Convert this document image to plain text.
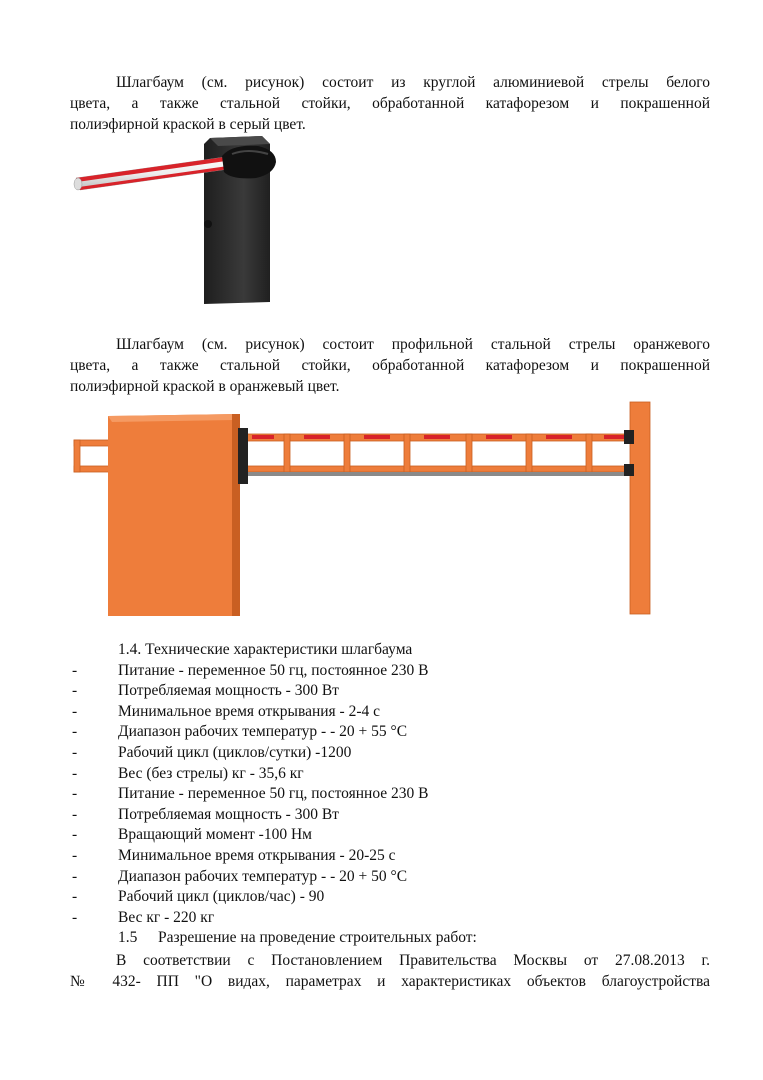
Шлагбаум (см. рисунок) состоит из круглой алюминиевой стрелы белого
цвета, а также стальной стойки, обработанной катафорезом и покрашенной
полиэфирной краской в серый цвет.
Шлагбаум (см. рисунок) состоит профильной стальной стрелы оранжевого
цвета, а также стальной стойки, обработанной катафорезом и покрашенной
полиэфирной краской в оранжевый цвет.
1.4. Технические характеристики шлагбаума
-	Питание - переменное 50 гц, постоянное 230 В
-	Потребляемая мощность - 300 Вт
-	Минимальное время открывания - 2-4 с
-	Диапазон рабочих температур - - 20 + 55 °С
-	Рабочий цикл (циклов/сутки) -1200
-	Вес (без стрелы) кг - 35,6 кг
-	Питание - переменное 50 гц, постоянное 230 В
-	Потребляемая мощность - 300 Вт
-	Вращающий момент -100 Нм
-	Минимальное время открывания - 20-25 с
-	Диапазон рабочих температур - - 20 + 50 °С
-	Рабочий цикл (циклов/час) - 90
-	Вес кг - 220 кг
1.5 Разрешение на проведение строительных работ:
В соответствии с Постановлением Правительства Москвы от 27.08.2013 г.
№ 432- ПП "О видах, параметрах и характеристиках объектов благоустройства
